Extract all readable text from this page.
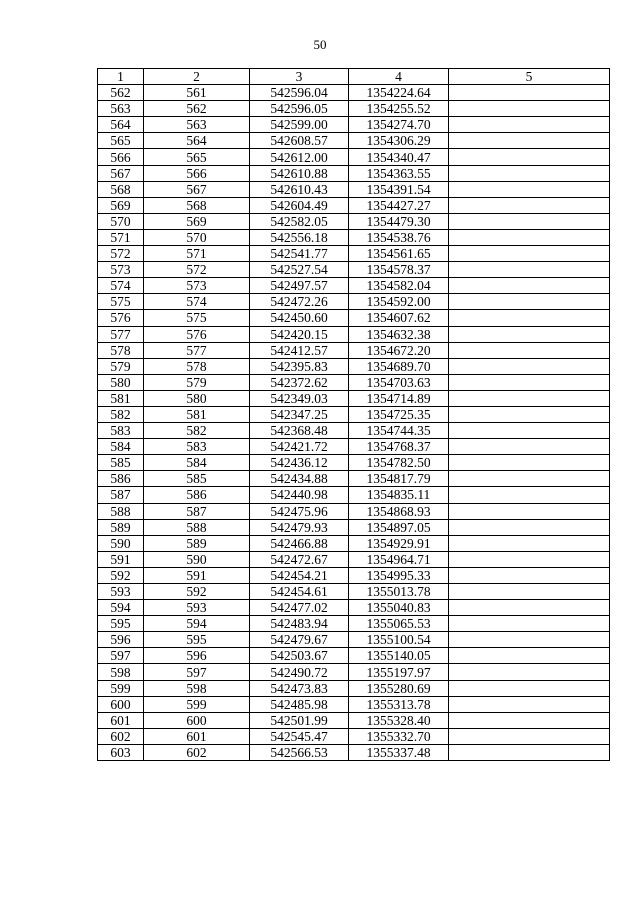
50
1	2	3	4	5
562	561	542596.04	1354224.64	
563	562	542596.05	1354255.52	
564	563	542599.00	1354274.70	
565	564	542608.57	1354306.29	
566	565	542612.00	1354340.47	
567	566	542610.88	1354363.55	
568	567	542610.43	1354391.54	
569	568	542604.49	1354427.27	
570	569	542582.05	1354479.30	
571	570	542556.18	1354538.76	
572	571	542541.77	1354561.65	
573	572	542527.54	1354578.37	
574	573	542497.57	1354582.04	
575	574	542472.26	1354592.00	
576	575	542450.60	1354607.62	
577	576	542420.15	1354632.38	
578	577	542412.57	1354672.20	
579	578	542395.83	1354689.70	
580	579	542372.62	1354703.63	
581	580	542349.03	1354714.89	
582	581	542347.25	1354725.35	
583	582	542368.48	1354744.35	
584	583	542421.72	1354768.37	
585	584	542436.12	1354782.50	
586	585	542434.88	1354817.79	
587	586	542440.98	1354835.11	
588	587	542475.96	1354868.93	
589	588	542479.93	1354897.05	
590	589	542466.88	1354929.91	
591	590	542472.67	1354964.71	
592	591	542454.21	1354995.33	
593	592	542454.61	1355013.78	
594	593	542477.02	1355040.83	
595	594	542483.94	1355065.53	
596	595	542479.67	1355100.54	
597	596	542503.67	1355140.05	
598	597	542490.72	1355197.97	
599	598	542473.83	1355280.69	
600	599	542485.98	1355313.78	
601	600	542501.99	1355328.40	
602	601	542545.47	1355332.70	
603	602	542566.53	1355337.48	
